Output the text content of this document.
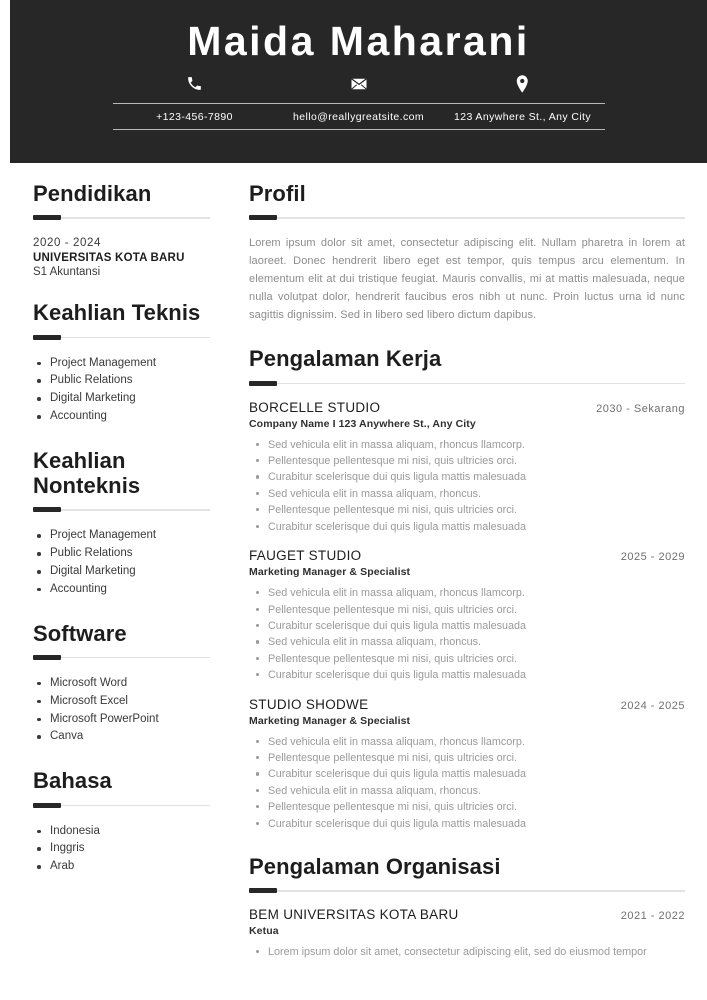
Maida Maharani
+123-456-7890	hello@reallygreatsite.com	123 Anywhere St., Any City
Pendidikan
2020 - 2024
UNIVERSITAS KOTA BARU
S1 Akuntansi
Keahlian Teknis
Project Management
Public Relations
Digital Marketing
Accounting
Keahlian Nonteknis
Project Management
Public Relations
Digital Marketing
Accounting
Software
Microsoft Word
Microsoft Excel
Microsoft PowerPoint
Canva
Bahasa
Indonesia
Inggris
Arab
Profil
Lorem ipsum dolor sit amet, consectetur adipiscing elit. Nullam pharetra in lorem at laoreet. Donec hendrerit libero eget est tempor, quis tempus arcu elementum. In elementum elit at dui tristique feugiat. Mauris convallis, mi at mattis malesuada, neque nulla volutpat dolor, hendrerit faucibus eros nibh ut nunc. Proin luctus urna id nunc sagittis dignissim. Sed in libero sed libero dictum dapibus.
Pengalaman Kerja
BORCELLE STUDIO	2030 - Sekarang
Company Name I 123 Anywhere St., Any City
Sed vehicula elit in massa aliquam, rhoncus llamcorp.
Pellentesque pellentesque mi nisi, quis ultricies orci.
Curabitur scelerisque dui quis ligula mattis malesuada
Sed vehicula elit in massa aliquam, rhoncus.
Pellentesque pellentesque mi nisi, quis ultricies orci.
Curabitur scelerisque dui quis ligula mattis malesuada
FAUGET STUDIO	2025 - 2029
Marketing Manager & Specialist
Sed vehicula elit in massa aliquam, rhoncus llamcorp.
Pellentesque pellentesque mi nisi, quis ultricies orci.
Curabitur scelerisque dui quis ligula mattis malesuada
Sed vehicula elit in massa aliquam, rhoncus.
Pellentesque pellentesque mi nisi, quis ultricies orci.
Curabitur scelerisque dui quis ligula mattis malesuada
STUDIO SHODWE	2024 - 2025
Marketing Manager & Specialist
Sed vehicula elit in massa aliquam, rhoncus llamcorp.
Pellentesque pellentesque mi nisi, quis ultricies orci.
Curabitur scelerisque dui quis ligula mattis malesuada
Sed vehicula elit in massa aliquam, rhoncus.
Pellentesque pellentesque mi nisi, quis ultricies orci.
Curabitur scelerisque dui quis ligula mattis malesuada
Pengalaman Organisasi
BEM UNIVERSITAS KOTA BARU	2021 - 2022
Ketua
Lorem ipsum dolor sit amet, consectetur adipiscing elit, sed do eiusmod tempor
